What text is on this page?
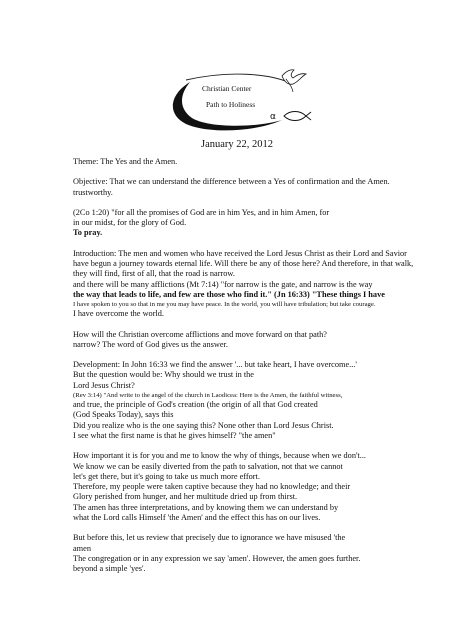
α
Christian Center
Path to Holiness
January 22, 2012

Theme: The Yes and the Amen.

Objective: That we can understand the difference between a Yes of confirmation and the Amen. trustworthy.

(2Co 1:20) "for all the promises of God are in him Yes, and in him Amen, for

in our midst, for the glory of God.

To pray.

Introduction: The men and women who have received the Lord Jesus Christ as their Lord and Savior have begun a journey towards eternal life. Will there be any of those here? And therefore, in that walk, they will find, first of all, that the road is narrow.

and there will be many afflictions (Mt 7:14) "for narrow is the gate, and narrow is the way

the way that leads to life, and few are those who find it." (Jn 16:33) "These things I have

I have spoken to you so that in me you may have peace. In the world, you will have tribulation; but take courage.

I have overcome the world.

How will the Christian overcome afflictions and move forward on that path?

narrow? The word of God gives us the answer.

Development: In John 16:33 we find the answer '... but take heart, I have overcome...'

But the question would be: Why should we trust in the

Lord Jesus Christ?

(Rev 3:14) "And write to the angel of the church in Laodicea: Here is the Amen, the faithful witness,

and true, the principle of God's creation (the origin of all that God created

(God Speaks Today), says this

Did you realize who is the one saying this? None other than Lord Jesus Christ.

I see what the first name is that he gives himself? "the amen"

How important it is for you and me to know the why of things, because when we don't...

We know we can be easily diverted from the path to salvation, not that we cannot

let's get there, but it's going to take us much more effort.

Therefore, my people were taken captive because they had no knowledge; and their

Glory perished from hunger, and her multitude dried up from thirst.

The amen has three interpretations, and by knowing them we can understand by

what the Lord calls Himself 'the Amen' and the effect this has on our lives.

But before this, let us review that precisely due to ignorance we have misused 'the

amen

The congregation or in any expression we say 'amen'. However, the amen goes further.

beyond a simple 'yes'.
